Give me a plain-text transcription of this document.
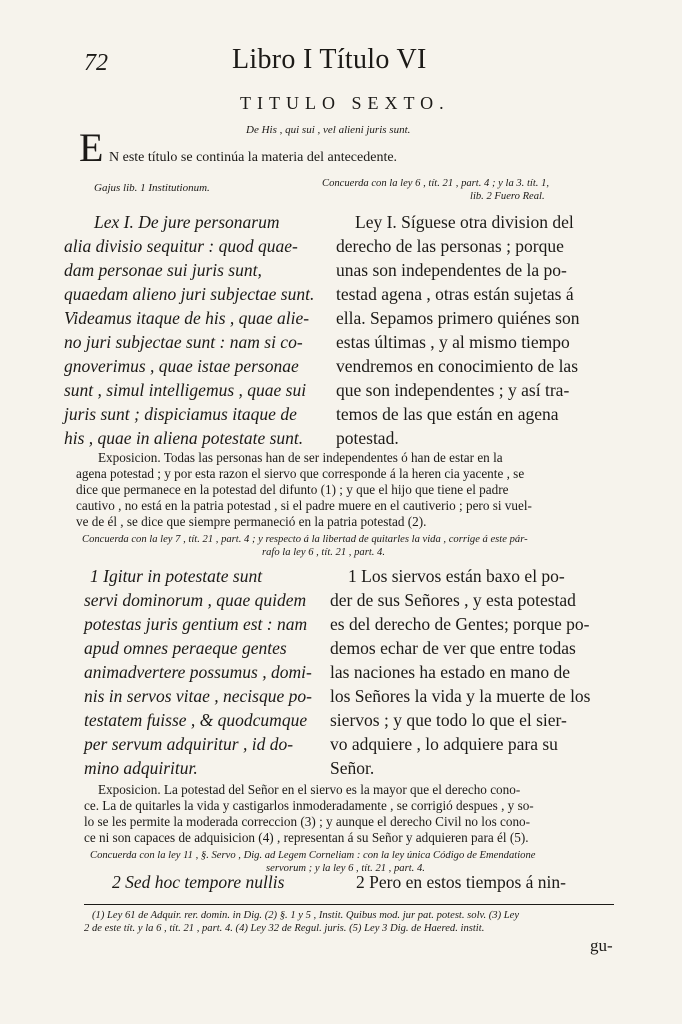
72	Libro I Título VI
TITULO SEXTO.
De His , qui sui , vel alieni juris sunt.
E N este título se continúa la materia del antecedente.
Gajus lib. 1 Institutionum.	Concuerda con la ley 6 , tít. 21 , part. 4 ; y la 3. tít. 1,
lib. 2 Fuero Real.
Lex I. De jure personarum
alia divisio sequitur : quod quae-
dam personae sui juris sunt,
quaedam alieno juri subjectae sunt.
Videamus itaque de his , quae alie-
no juri subjectae sunt : nam si co-
gnoverimus , quae istae personae
sunt , simul intelligemus , quae sui
juris sunt ; dispiciamus itaque de
his , quae in aliena potestate sunt.
Ley I. Síguese otra division del
derecho de las personas ; porque
unas son independentes de la po-
testad agena , otras están sujetas á
ella. Sepamos primero quiénes son
estas últimas , y al mismo tiempo
vendremos en conocimiento de las
que son independentes ; y así tra-
temos de las que están en agena
potestad.
Exposicion. Todas las personas han de ser independentes ó han de estar en la
agena potestad ; y por esta razon el siervo que corresponde á la heren cia yacente , se
dice que permanece en la potestad del difunto (1) ; y que el hijo que tiene el padre
cautivo , no está en la patria potestad , si el padre muere en el cautiverio ; pero si vuel-
ve de él , se dice que siempre permaneció en la patria potestad (2).
Concuerda con la ley 7 , tít. 21 , part. 4 ; y respecto á la libertad de quitarles la vida , corrige á este pár-
rafo la ley 6 , tít. 21 , part. 4.
1 Igitur in potestate sunt
servi dominorum , quae quidem
potestas juris gentium est : nam
apud omnes peraeque gentes
animadvertere possumus , domi-
nis in servos vitae , necisque po-
testatem fuisse , & quodcumque
per servum adquiritur , id do-
mino adquiritur.
1 Los siervos están baxo el po-
der de sus Señores , y esta potestad
es del derecho de Gentes; porque po-
demos echar de ver que entre todas
las naciones ha estado en mano de
los Señores la vida y la muerte de los
siervos ; y que todo lo que el sier-
vo adquiere , lo adquiere para su
Señor.
Exposicion. La potestad del Señor en el siervo es la mayor que el derecho cono-
ce. La de quitarles la vida y castigarlos inmoderadamente , se corrigió despues , y so-
lo se les permite la moderada correccion (3) ; y aunque el derecho Civil no los cono-
ce ni son capaces de adquisicion (4) , representan á su Señor y adquieren para él (5).
Concuerda con la ley 11 , §. Servo , Dig. ad Legem Corneliam : con la ley única Código de Emendatione
servorum ; y la ley 6 , tít. 21 , part. 4.
2 Sed hoc tempore nullis	2 Pero en estos tiempos á nin-
(1) Ley 61 de Adquir. rer. domin. in Dig. (2) §. 1 y 5 , Instit. Quibus mod. jur pat. potest. solv. (3) Ley
2 de este tít. y la 6 , tít. 21 , part. 4. (4) Ley 32 de Regul. juris. (5) Ley 3 Dig. de Haered. instit.
gu-
